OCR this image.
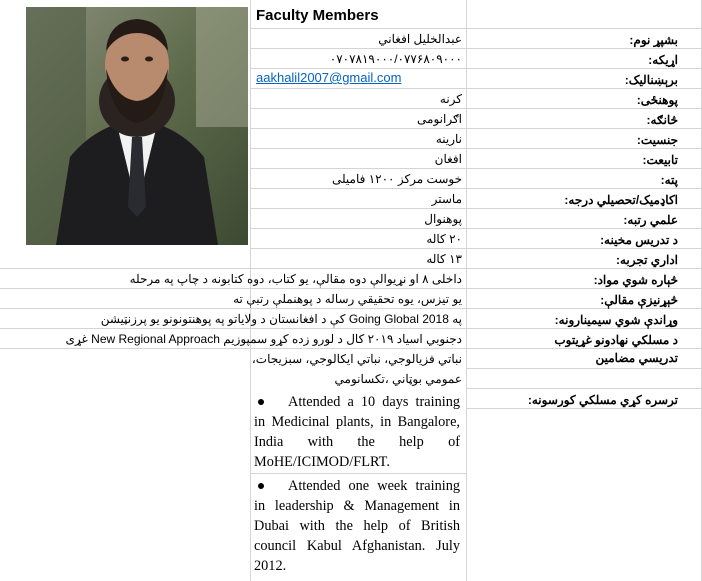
Faculty Members
بشپړ نوم:
اړيکه:
برېښنالیک:
پوهنځی:
څانګه:
جنسیت:
تابیعت:
پته:
اکاډمیک/تحصیلي درجه:
علمي رتبه:
د تدریس مخینه:
اداري تجربه:
څېاره شوي مواد:
څېړنيزې مقالې:
وړاندې شوي سیمینارونه:
د مسلکي نهادونو غړیتوب
تدریسي مضامین
ترسره کړي مسلکي کورسونه:
عبدالخلیل افغاني
۰۷۰۷۸۱۹۰۰۰/۰۷۷۶۸۰۹۰۰۰
aakhalil2007@gmail.com
کرنه
اګرانومی
نارینه
افغان
خوست مرکز ۱۲۰۰ فاميلی
ماستر
پوهنوال
۲۰ کاله
۱۳ کاله
داخلی ۸ او نړیوالې دوه مقالې، یو کتاب، دوه کتابونه د چاپ په مرحله
یو تیزس، یوه تحقیقي رساله د پوهنملې رتبې ته
په Going Global 2018 کې د افغانستان د ولایاتو په پوهنتونونو یو پرزنټیشن
دجنوبي اسیاد ۲۰۱۹ کال د لورو زده کړو سمپوزیم New Regional Approach غړی
نباتي فزیالوجي، نباتي ایکالوجي، سبزیجات،
عمومي بوټاني ،تکسانومي
Attended a 10 days training in Medicinal plants, in Bangalore, India with the help of MoHE/ICIMOD/FLRT.
Attended one week training in leadership & Management in Dubai with the help of British council Kabul Afghanistan. July 2012.
